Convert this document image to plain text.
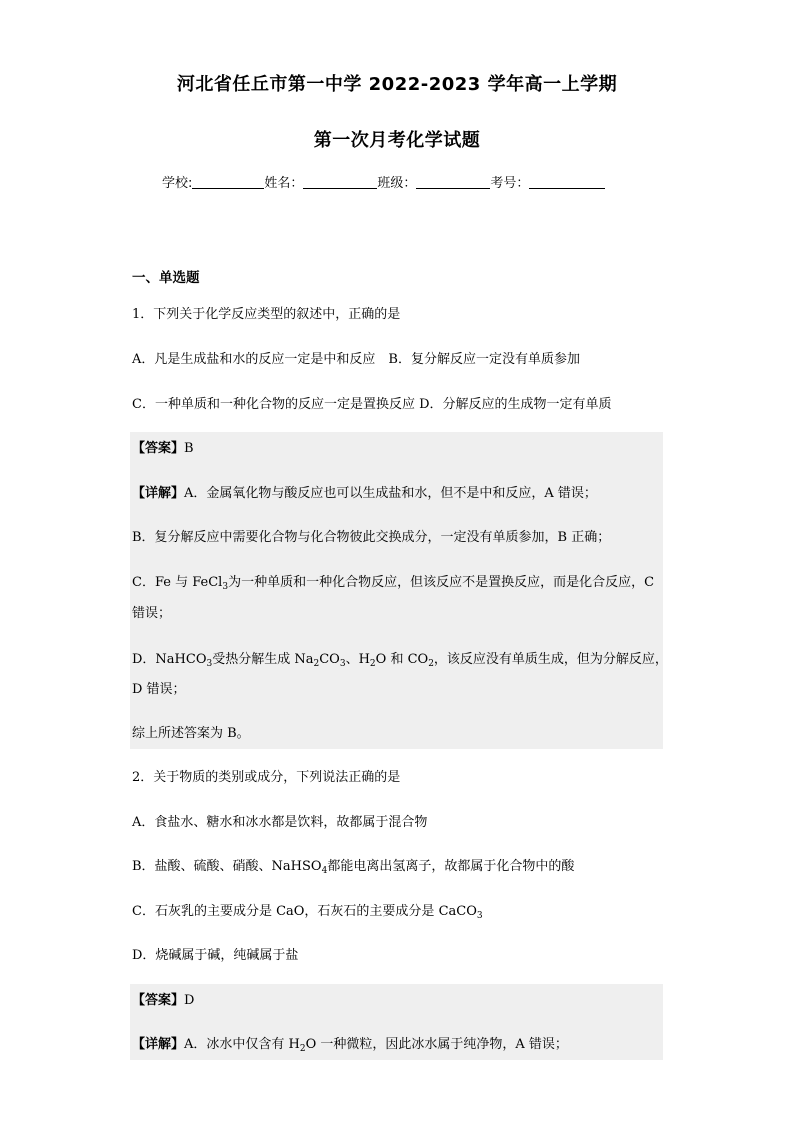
河北省任丘市第一中学 2022-2023 学年高一上学期
第一次月考化学试题
学校:	姓名：	班级：	考号：
一、单选题
1．下列关于化学反应类型的叙述中，正确的是
A．凡是生成盐和水的反应一定是中和反应　B．复分解反应一定没有单质参加
C．一种单质和一种化合物的反应一定是置换反应 D．分解反应的生成物一定有单质
【答案】B
【详解】A．金属氧化物与酸反应也可以生成盐和水，但不是中和反应，A 错误；
B．复分解反应中需要化合物与化合物彼此交换成分，一定没有单质参加，B 正确；
C．Fe 与 FeCl$_3$为一种单质和一种化合物反应，但该反应不是置换反应，而是化合反应，C
错误；
D．NaHCO$_3$受热分解生成 $Na_2CO_3$、$H_2O$ 和 $CO_2$，该反应没有单质生成，但为分解反应，
D 错误；
综上所述答案为 B。
2．关于物质的类别或成分，下列说法正确的是
A．食盐水、糖水和冰水都是饮料，故都属于混合物
B．盐酸、硫酸、硝酸、NaHSO$_4$都能电离出氢离子，故都属于化合物中的酸
C．石灰乳的主要成分是 CaO，石灰石的主要成分是 CaCO$_3$
D．烧碱属于碱，纯碱属于盐
【答案】D
【详解】A．冰水中仅含有 $H_2O$ 一种微粒，因此冰水属于纯净物，A 错误；
